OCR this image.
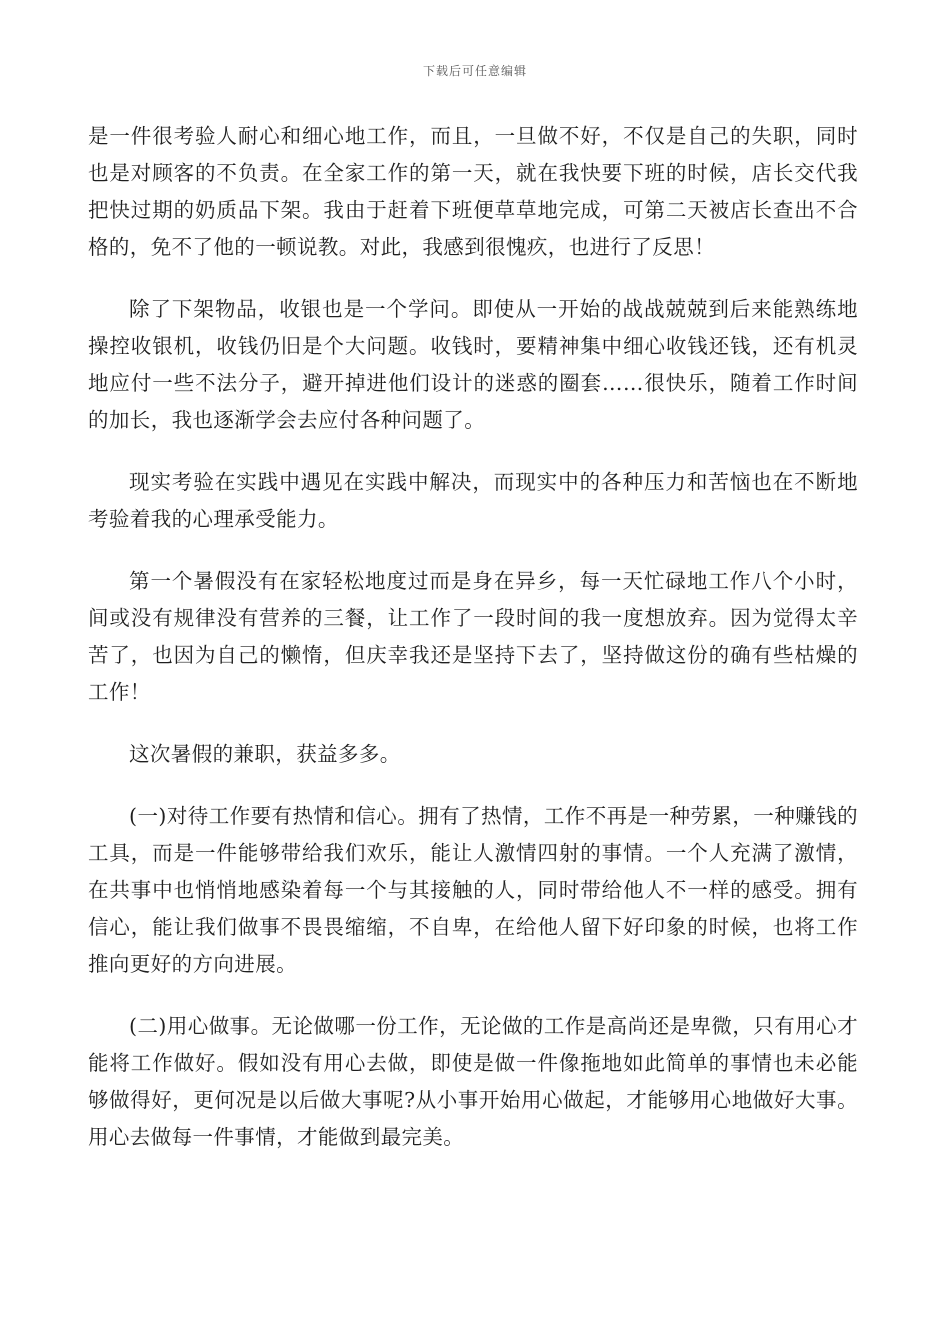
下载后可任意编辑

是一件很考验人耐心和细心地工作，而且，一旦做不好，不仅是自己的失职，同时也是对顾客的不负责。在全家工作的第一天，就在我快要下班的时候，店长交代我把快过期的奶质品下架。我由于赶着下班便草草地完成，可第二天被店长查出不合格的，免不了他的一顿说教。对此，我感到很愧疚，也进行了反思！

除了下架物品，收银也是一个学问。即使从一开始的战战兢兢到后来能熟练地操控收银机，收钱仍旧是个大问题。收钱时，要精神集中细心收钱还钱，还有机灵地应付一些不法分子，避开掉进他们设计的迷惑的圈套……很快乐，随着工作时间的加长，我也逐渐学会去应付各种问题了。

现实考验在实践中遇见在实践中解决，而现实中的各种压力和苦恼也在不断地考验着我的心理承受能力。

第一个暑假没有在家轻松地度过而是身在异乡，每一天忙碌地工作八个小时，间或没有规律没有营养的三餐，让工作了一段时间的我一度想放弃。因为觉得太辛苦了，也因为自己的懒惰，但庆幸我还是坚持下去了，坚持做这份的确有些枯燥的工作！

这次暑假的兼职，获益多多。

(一)对待工作要有热情和信心。拥有了热情，工作不再是一种劳累，一种赚钱的工具，而是一件能够带给我们欢乐，能让人激情四射的事情。一个人充满了激情，在共事中也悄悄地感染着每一个与其接触的人，同时带给他人不一样的感受。拥有信心，能让我们做事不畏畏缩缩，不自卑，在给他人留下好印象的时候，也将工作推向更好的方向进展。

(二)用心做事。无论做哪一份工作，无论做的工作是高尚还是卑微，只有用心才能将工作做好。假如没有用心去做，即使是做一件像拖地如此简单的事情也未必能够做得好，更何况是以后做大事呢?从小事开始用心做起，才能够用心地做好大事。用心去做每一件事情，才能做到最完美。
